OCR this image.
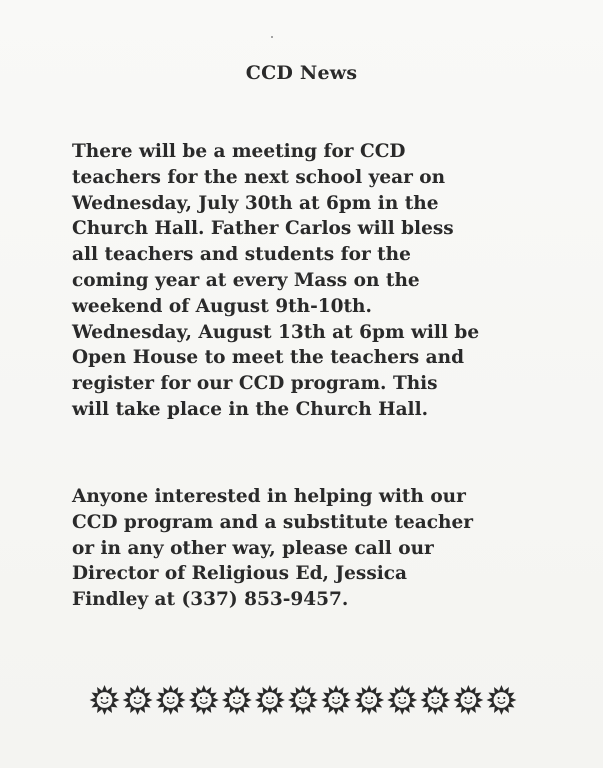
CCD News

There will be a meeting for CCD
teachers for the next school year on
Wednesday, July 30th at 6pm in the
Church Hall. Father Carlos will bless
all teachers and students for the
coming year at every Mass on the
weekend of August 9th-10th.
Wednesday, August 13th at 6pm will be
Open House to meet the teachers and
register for our CCD program. This
will take place in the Church Hall.

Anyone interested in helping with our
CCD program and a substitute teacher
or in any other way, please call our
Director of Religious Ed, Jessica
Findley at (337) 853-9457.
